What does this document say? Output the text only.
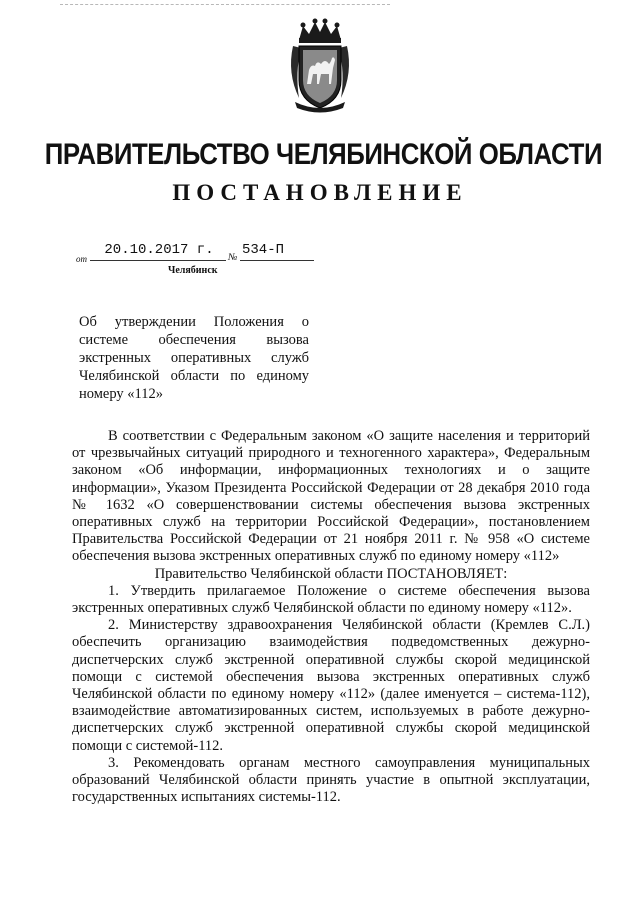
ПРАВИТЕЛЬСТВО ЧЕЛЯБИНСКОЙ ОБЛАСТИ
ПОСТАНОВЛЕНИЕ
от
20.10.2017 г.	№ 534-П
Челябинск
Об утверждении Положения о
системе обеспечения вызова
экстренных оперативных служб
Челябинской области по единому
номеру «112»

В соответствии с Федеральным законом «О защите населения и территорий от чрезвычайных ситуаций природного и техногенного характера», Федеральным законом «Об информации, информационных технологиях и о защите информации», Указом Президента Российской Федерации от 28 декабря 2010 года № 1632 «О совершенствовании системы обеспечения вызова экстренных оперативных служб на территории Российской Федерации», постановлением Правительства Российской Федерации от 21 ноября 2011 г. № 958 «О системе обеспечения вызова экстренных оперативных служб по единому номеру «112»

Правительство Челябинской области ПОСТАНОВЛЯЕТ:

1. Утвердить прилагаемое Положение о системе обеспечения вызова экстренных оперативных служб Челябинской области по единому номеру «112».

2. Министерству здравоохранения Челябинской области (Кремлев С.Л.) обеспечить организацию взаимодействия подведомственных дежурно-диспетчерских служб экстренной оперативной службы скорой медицинской помощи с системой обеспечения вызова экстренных оперативных служб Челябинской области по единому номеру «112» (далее именуется – система-112), взаимодействие автоматизированных систем, используемых в работе дежурно-диспетчерских служб экстренной оперативной службы скорой медицинской помощи с системой-112.

3. Рекомендовать органам местного самоуправления муниципальных образований Челябинской области принять участие в опытной эксплуатации, государственных испытаниях системы-112.
